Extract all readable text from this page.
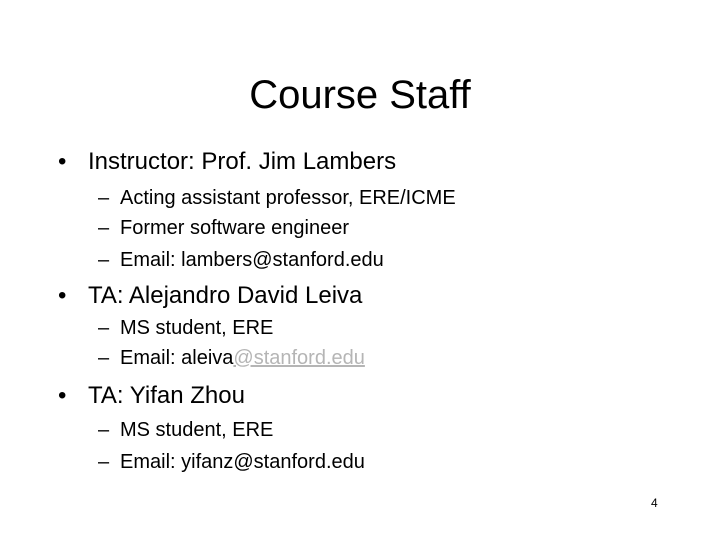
Course Staff
• Instructor: Prof. Jim Lambers
– Acting assistant professor, ERE/ICME
– Former software engineer
– Email: lambers@stanford.edu
• TA: Alejandro David Leiva
– MS student, ERE
– Email: aleiva@stanford.edu
• TA: Yifan Zhou
– MS student, ERE
– Email: yifanz@stanford.edu
4
